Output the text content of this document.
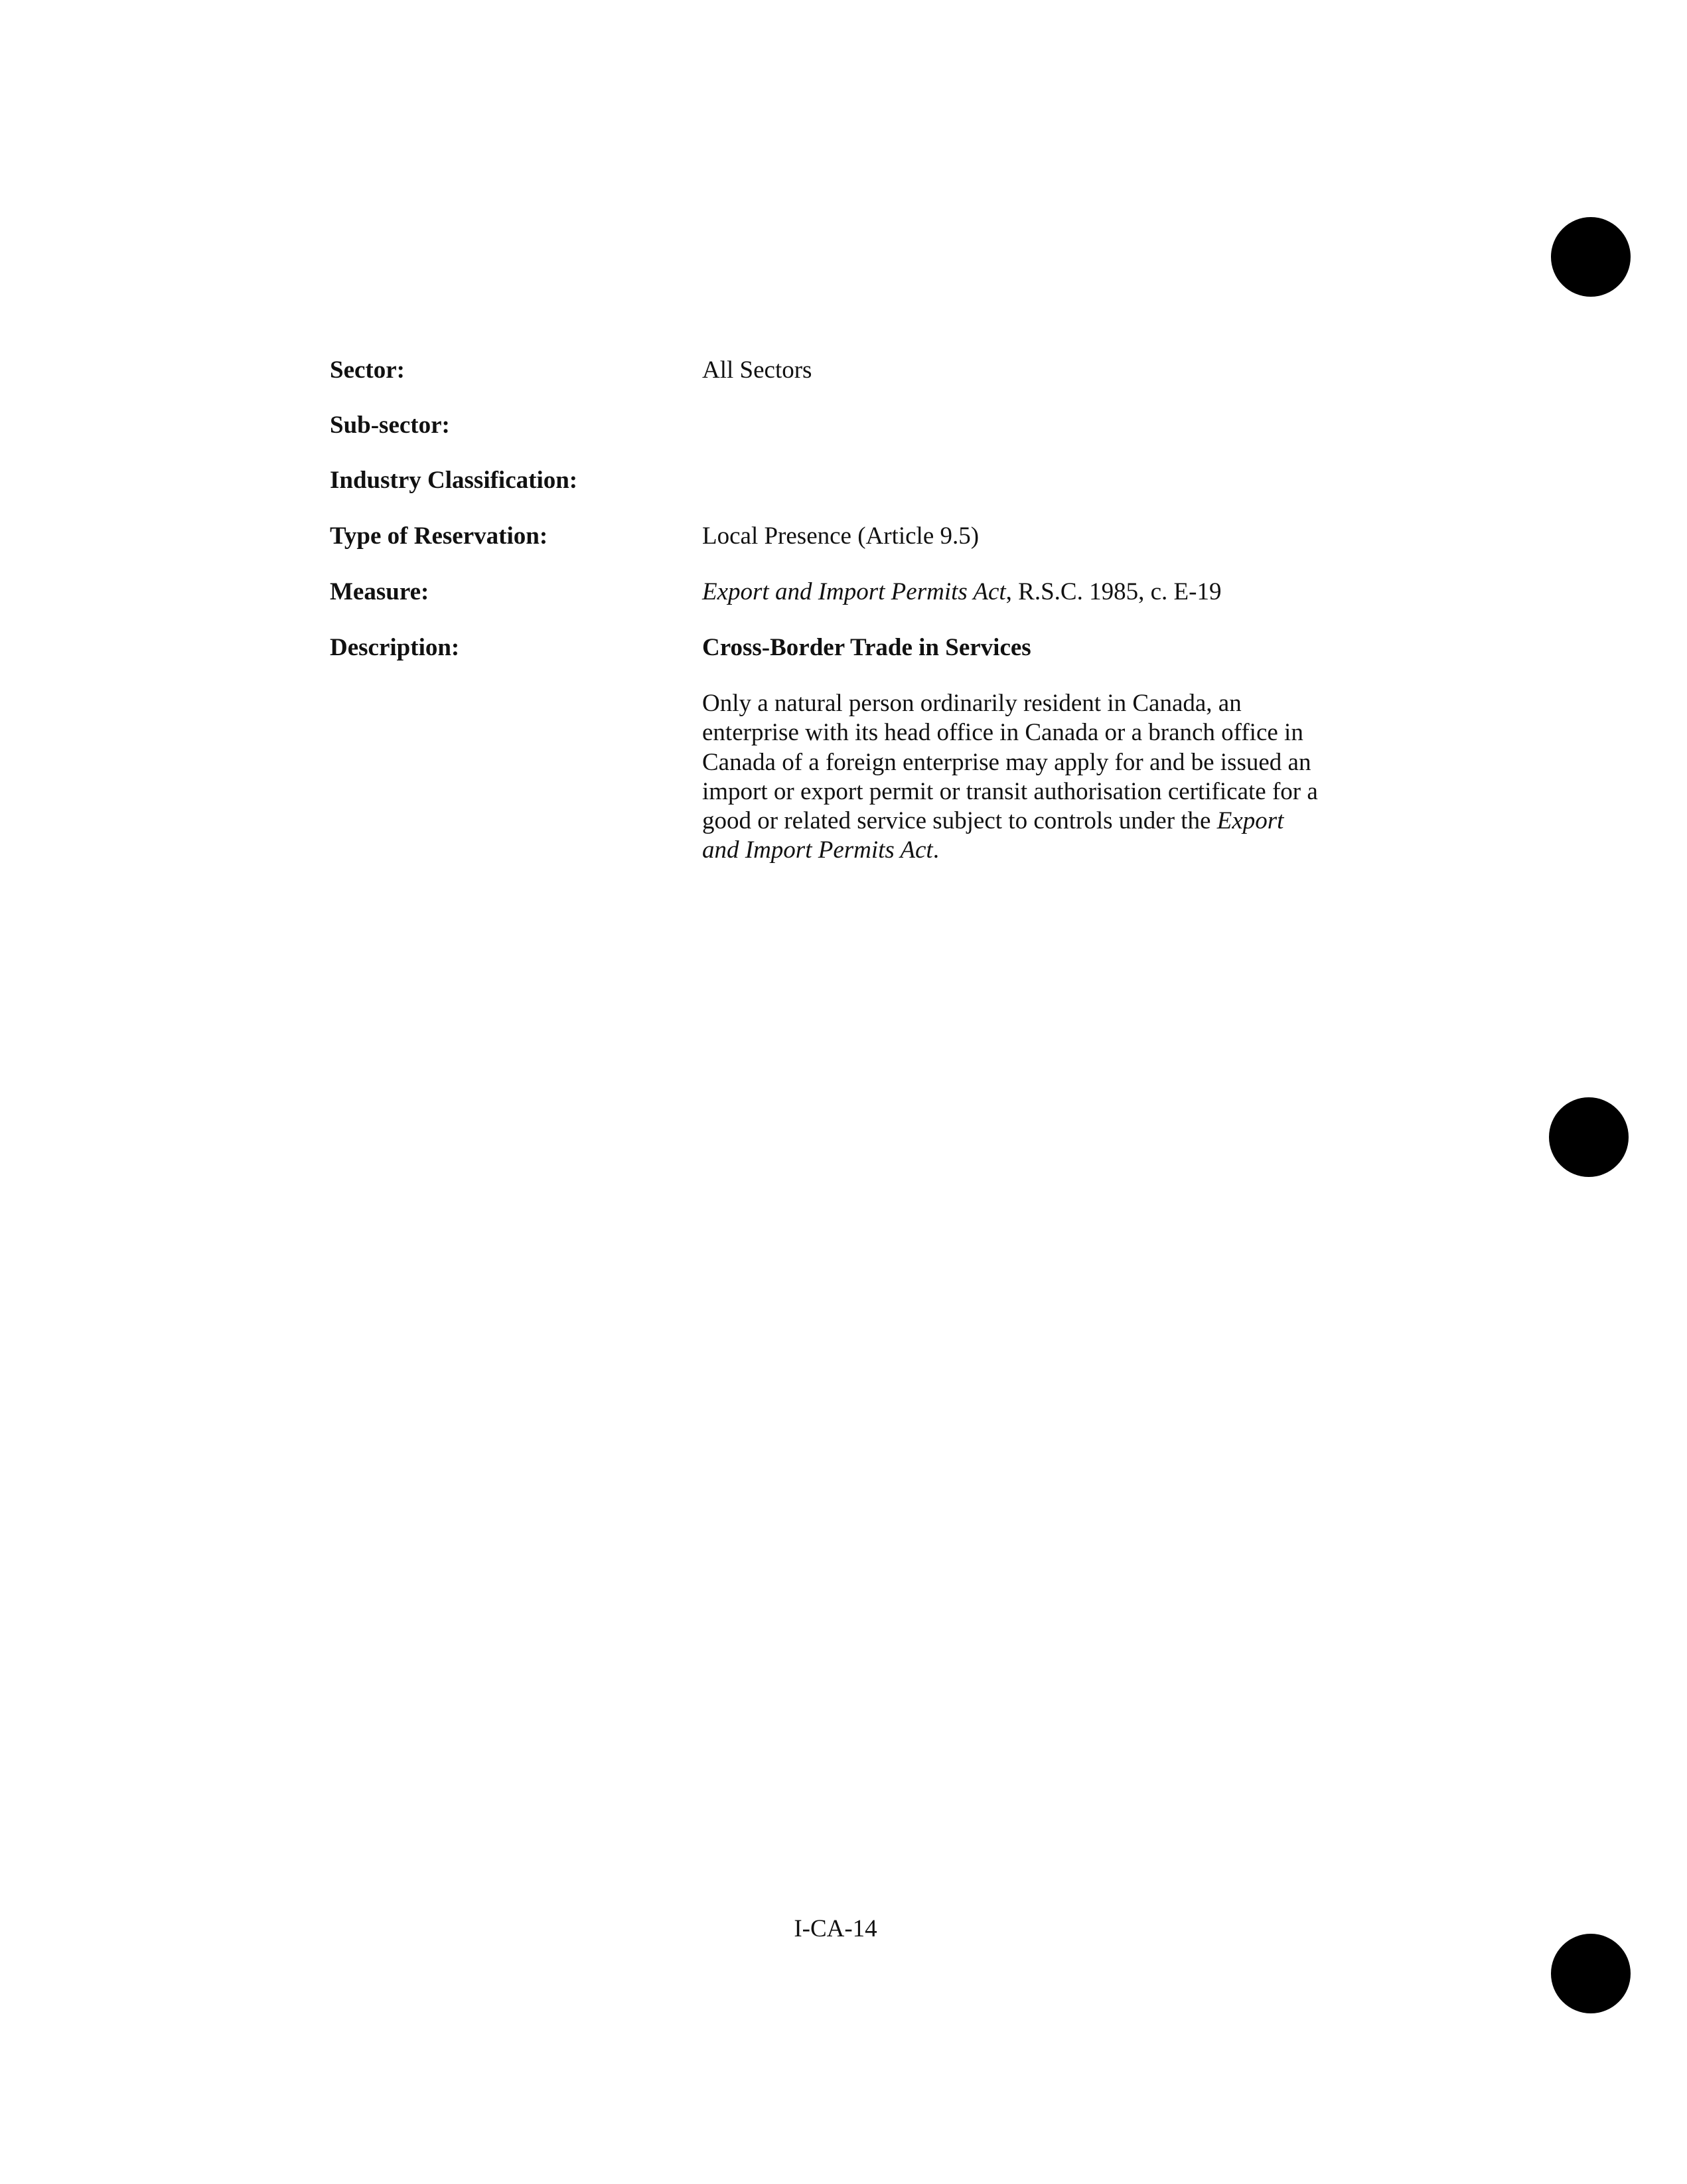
Sector:	All Sectors
Sub-sector:
Industry Classification:
Type of Reservation:	Local Presence (Article 9.5)
Measure:	Export and Import Permits Act, R.S.C. 1985, c. E-19
Description:	Cross-Border Trade in Services
Only a natural person ordinarily resident in Canada, an
enterprise with its head office in Canada or a branch office in
Canada of a foreign enterprise may apply for and be issued an
import or export permit or transit authorisation certificate for a
good or related service subject to controls under the Export
and Import Permits Act.
I-CA-14
